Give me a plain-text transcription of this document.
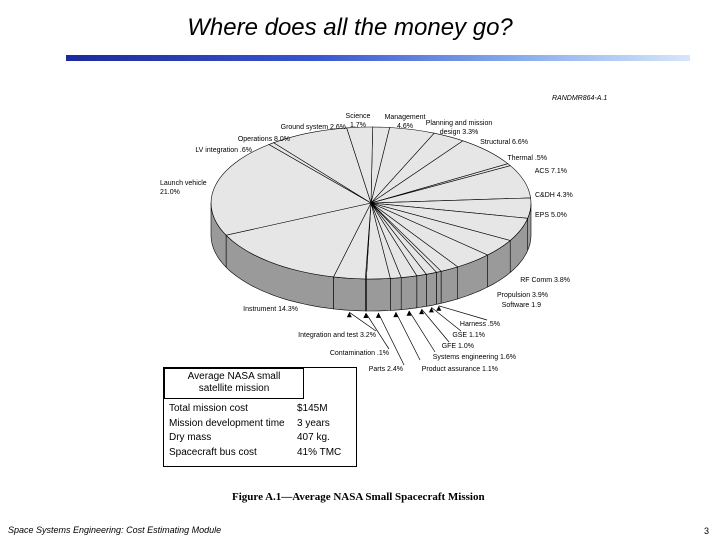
Where does all the money go?
RANDMR864-A.1
Science 1.7%
Management 4.6%	Planning and mission design 3.3%
Structural 6.6%
Thermal .5%
ACS 7.1%
C&DH 4.3%
EPS 5.0%
RF Comm 3.8%
Propulsion 3.9%
Software 1.9
Harness .5%
GSE 1.1%
GFE 1.0%
Systems engineering 1.6%
Product assurance 1.1%
Parts 2.4%
Contamination .1%
Integration and test 3.2%
Instrument 14.3%
Launch vehicle 21.0%
LV integration .6%
Operations 8.0%
Ground system 2.6%
Average NASA small
satellite mission
Total mission cost	$145M
Mission development time	3 years
Dry mass	407 kg.
Spacecraft bus cost	41% TMC
Figure A.1—Average NASA Small Spacecraft Mission
Space Systems Engineering: Cost Estimating Module	3
